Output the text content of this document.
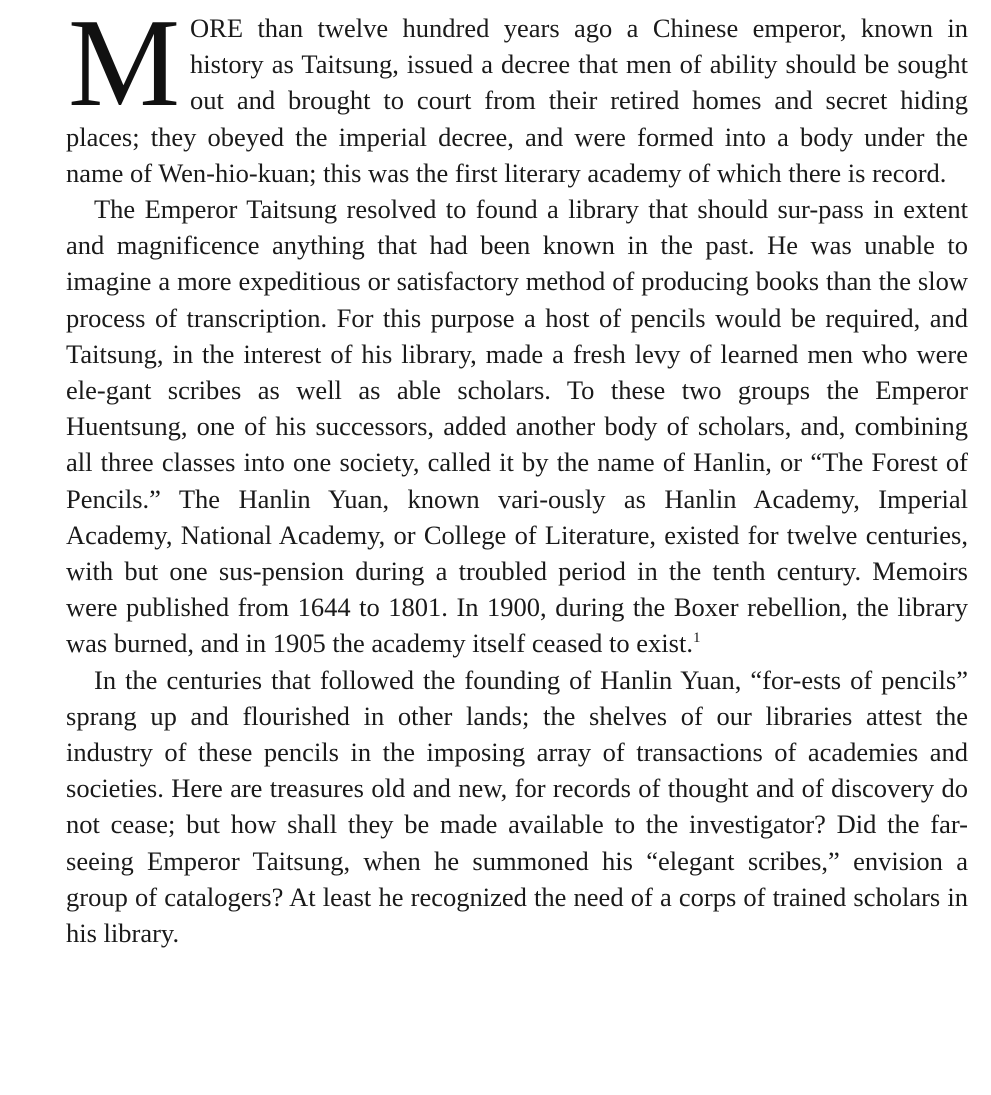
MORE than twelve hundred years ago a Chinese emperor, known in history as Taitsung, issued a decree that men of ability should be sought out and brought to court from their retired homes and secret hiding places; they obeyed the imperial decree, and were formed into a body under the name of Wen-hio-kuan; this was the first literary academy of which there is record.

The Emperor Taitsung resolved to found a library that should sur-pass in extent and magnificence anything that had been known in the past. He was unable to imagine a more expeditious or satisfactory method of producing books than the slow process of transcription. For this purpose a host of pencils would be required, and Taitsung, in the interest of his library, made a fresh levy of learned men who were ele-gant scribes as well as able scholars. To these two groups the Emperor Huentsung, one of his successors, added another body of scholars, and, combining all three classes into one society, called it by the name of Hanlin, or “The Forest of Pencils.” The Hanlin Yuan, known vari-ously as Hanlin Academy, Imperial Academy, National Academy, or College of Literature, existed for twelve centuries, with but one sus-pension during a troubled period in the tenth century. Memoirs were published from 1644 to 1801. In 1900, during the Boxer rebellion, the library was burned, and in 1905 the academy itself ceased to exist.$^1$

In the centuries that followed the founding of Hanlin Yuan, “for-ests of pencils” sprang up and flourished in other lands; the shelves of our libraries attest the industry of these pencils in the imposing array of transactions of academies and societies. Here are treasures old and new, for records of thought and of discovery do not cease; but how shall they be made available to the investigator? Did the far-seeing Emperor Taitsung, when he summoned his “elegant scribes,” envision a group of catalogers? At least he recognized the need of a corps of trained scholars in his library.
